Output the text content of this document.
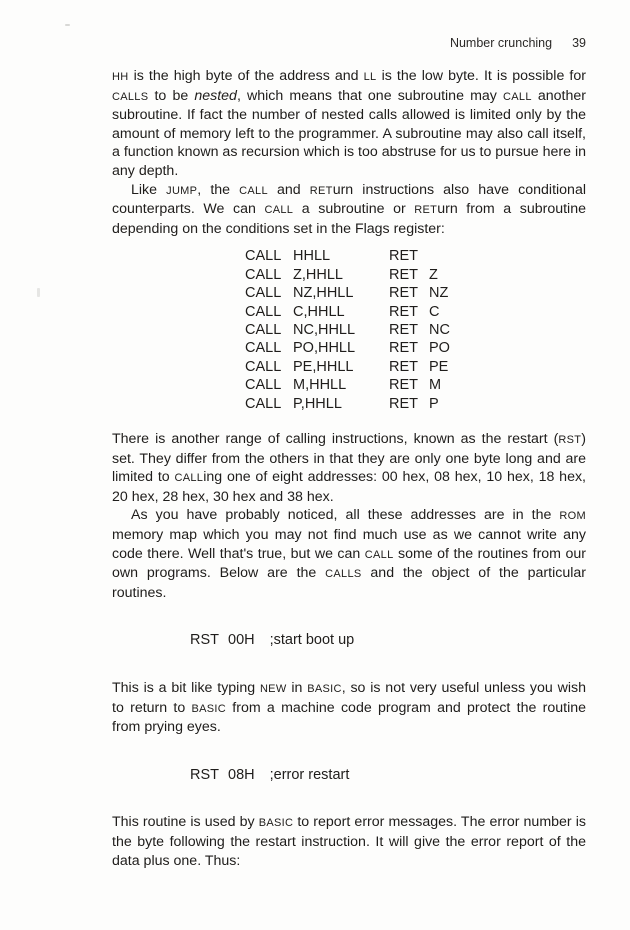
Number crunching 39

HH is the high byte of the address and LL is the low byte. It is possible for CALLS to be nested, which means that one subroutine may CALL another subroutine. If fact the number of nested calls allowed is limited only by the amount of memory left to the programmer. A subroutine may also call itself, a function known as recursion which is too abstruse for us to pursue here in any depth.

Like JUMP, the CALL and RETurn instructions also have conditional counterparts. We can CALL a subroutine or RETurn from a subroutine depending on the conditions set in the Flags register:

CALL HHLL	RET
CALL Z,HHLL	RET Z
CALL NZ,HHLL RET NZ
CALL C,HHLL	RET C
CALL NC,HHLL RET NC
CALL PO,HHLL RET PO
CALL PE,HHLL RET PE
CALL M,HHLL	RET M
CALL P,HHLL	RET P

There is another range of calling instructions, known as the restart (RST) set. They differ from the others in that they are only one byte long and are limited to CALLing one of eight addresses: 00 hex, 08 hex, 10 hex, 18 hex, 20 hex, 28 hex, 30 hex and 38 hex.

As you have probably noticed, all these addresses are in the ROM memory map which you may not find much use as we cannot write any code there. Well that's true, but we can CALL some of the routines from our own programs. Below are the CALLS and the object of the particular routines.

RST 00H ;start boot up

This is a bit like typing NEW in BASIC, so is not very useful unless you wish to return to BASIC from a machine code program and protect the routine from prying eyes.

RST 08H ;error restart

This routine is used by BASIC to report error messages. The error number is the byte following the restart instruction. It will give the error report of the data plus one. Thus:
